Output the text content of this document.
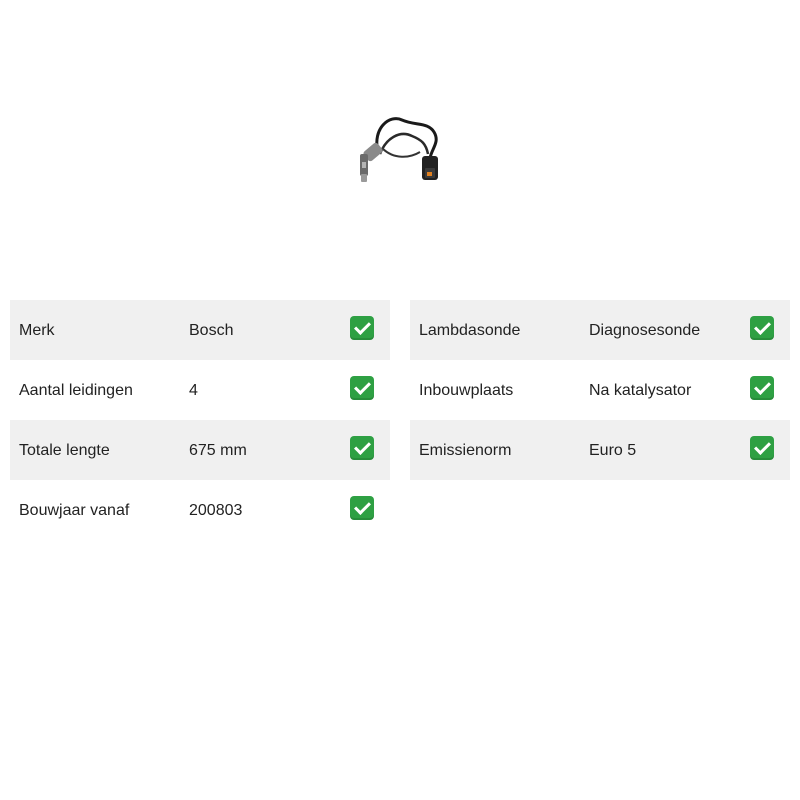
Merk	Bosch
Aantal leidingen	4
Totale lengte	675 mm
Bouwjaar vanaf	200803
Lambdasonde	Diagnosesonde
Inbouwplaats	Na katalysator
Emissienorm	Euro 5
